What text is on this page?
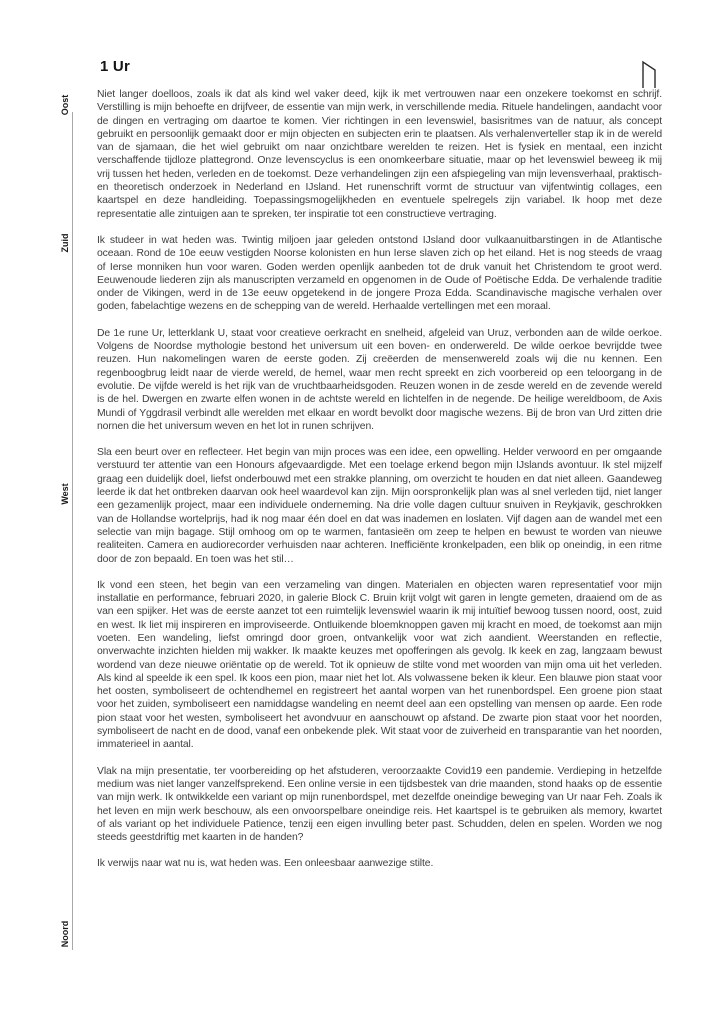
1 Ur
Oost
Zuid
West
Noord

Niet langer doelloos, zoals ik dat als kind wel vaker deed, kijk ik met vertrouwen naar een onzekere toekomst en schrijf. Verstilling is mijn behoefte en drijfveer, de essentie van mijn werk, in verschillende media. Rituele handelingen, aandacht voor de dingen en vertraging om daartoe te komen. Vier richtingen in een levenswiel, basisritmes van de natuur, als concept gebruikt en persoonlijk gemaakt door er mijn objecten en subjecten erin te plaatsen. Als verhalenverteller stap ik in de wereld van de sjamaan, die het wiel gebruikt om naar onzichtbare werelden te reizen. Het is fysiek en mentaal, een inzicht verschaffende tijdloze plattegrond. Onze levenscyclus is een onomkeerbare situatie, maar op het levenswiel beweeg ik mij vrij tussen het heden, verleden en de toekomst. Deze verhandelingen zijn een afspiegeling van mijn levensverhaal, praktisch- en theoretisch onderzoek in Nederland en IJsland. Het runenschrift vormt de structuur van vijfentwintig collages, een kaartspel en deze handleiding. Toepassingsmogelijkheden en eventuele spelregels zijn variabel. Ik hoop met deze representatie alle zintuigen aan te spreken, ter inspiratie tot een constructieve vertraging.

Ik studeer in wat heden was. Twintig miljoen jaar geleden ontstond IJsland door vulkaanuitbarstingen in de Atlantische oceaan. Rond de 10e eeuw vestigden Noorse kolonisten en hun Ierse slaven zich op het eiland. Het is nog steeds de vraag of Ierse monniken hun voor waren. Goden werden openlijk aanbeden tot de druk vanuit het Christendom te groot werd. Eeuwenoude liederen zijn als manuscripten verzameld en opgenomen in de Oude of Poëtische Edda. De verhalende traditie onder de Vikingen, werd in de 13e eeuw opgetekend in de jongere Proza Edda. Scandinavische magische verhalen over goden, fabelachtige wezens en de schepping van de wereld. Herhaalde vertellingen met een moraal.

De 1e rune Ur, letterklank U, staat voor creatieve oerkracht en snelheid, afgeleid van Uruz, verbonden aan de wilde oerkoe. Volgens de Noordse mythologie bestond het universum uit een boven- en onderwereld. De wilde oerkoe bevrijdde twee reuzen. Hun nakomelingen waren de eerste goden. Zij creëerden de mensenwereld zoals wij die nu kennen. Een regenboogbrug leidt naar de vierde wereld, de hemel, waar men recht spreekt en zich voorbereid op een teloorgang in de evolutie. De vijfde wereld is het rijk van de vruchtbaarheidsgoden. Reuzen wonen in de zesde wereld en de zevende wereld is de hel. Dwergen en zwarte elfen wonen in de achtste wereld en lichtelfen in de negende. De heilige wereldboom, de Axis Mundi of Yggdrasil verbindt alle werelden met elkaar en wordt bevolkt door magische wezens. Bij de bron van Urd zitten drie nornen die het universum weven en het lot in runen schrijven.

Sla een beurt over en reflecteer. Het begin van mijn proces was een idee, een opwelling. Helder verwoord en per omgaande verstuurd ter attentie van een Honours afgevaardigde. Met een toelage erkend begon mijn IJslands avontuur. Ik stel mijzelf graag een duidelijk doel, liefst onderbouwd met een strakke planning, om overzicht te houden en dat niet alleen. Gaandeweg leerde ik dat het ontbreken daarvan ook heel waardevol kan zijn. Mijn oorspronkelijk plan was al snel verleden tijd, niet langer een gezamenlijk project, maar een individuele onderneming. Na drie volle dagen cultuur snuiven in Reykjavik, geschrokken van de Hollandse wortelprijs, had ik nog maar één doel en dat was inademen en loslaten. Vijf dagen aan de wandel met een selectie van mijn bagage. Stijl omhoog om op te warmen, fantasieën om zeep te helpen en bewust te worden van nieuwe realiteiten. Camera en audiorecorder verhuisden naar achteren. Inefficiënte kronkelpaden, een blik op oneindig, in een ritme door de zon bepaald. En toen was het stil…

Ik vond een steen, het begin van een verzameling van dingen. Materialen en objecten waren representatief voor mijn installatie en performance, februari 2020, in galerie Block C. Bruin krijt volgt wit garen in lengte gemeten, draaiend om de as van een spijker. Het was de eerste aanzet tot een ruimtelijk levenswiel waarin ik mij intuïtief bewoog tussen noord, oost, zuid en west. Ik liet mij inspireren en improviseerde. Ontluikende bloemknoppen gaven mij kracht en moed, de toekomst aan mijn voeten. Een wandeling, liefst omringd door groen, ontvankelijk voor wat zich aandient. Weerstanden en reflectie, onverwachte inzichten hielden mij wakker. Ik maakte keuzes met opofferingen als gevolg. Ik keek en zag, langzaam bewust wordend van deze nieuwe oriëntatie op de wereld. Tot ik opnieuw de stilte vond met woorden van mijn oma uit het verleden. Als kind al speelde ik een spel. Ik koos een pion, maar niet het lot. Als volwassene beken ik kleur. Een blauwe pion staat voor het oosten, symboliseert de ochtendhemel en registreert het aantal worpen van het runenbordspel. Een groene pion staat voor het zuiden, symboliseert een namiddagse wandeling en neemt deel aan een opstelling van mensen op aarde. Een rode pion staat voor het westen, symboliseert het avondvuur en aanschouwt op afstand. De zwarte pion staat voor het noorden, symboliseert de nacht en de dood, vanaf een onbekende plek. Wit staat voor de zuiverheid en transparantie van het noorden, immaterieel in aantal.

Vlak na mijn presentatie, ter voorbereiding op het afstuderen, veroorzaakte Covid19 een pandemie. Verdieping in hetzelfde medium was niet langer vanzelfsprekend. Een online versie in een tijdsbestek van drie maanden, stond haaks op de essentie van mijn werk. Ik ontwikkelde een variant op mijn runenbordspel, met dezelfde oneindige beweging van Ur naar Feh. Zoals ik het leven en mijn werk beschouw, als een onvoorspelbare oneindige reis. Het kaartspel is te gebruiken als memory, kwartet of als variant op het individuele Patience, tenzij een eigen invulling beter past. Schudden, delen en spelen. Worden we nog steeds geestdriftig met kaarten in de handen?

Ik verwijs naar wat nu is, wat heden was. Een onleesbaar aanwezige stilte.
